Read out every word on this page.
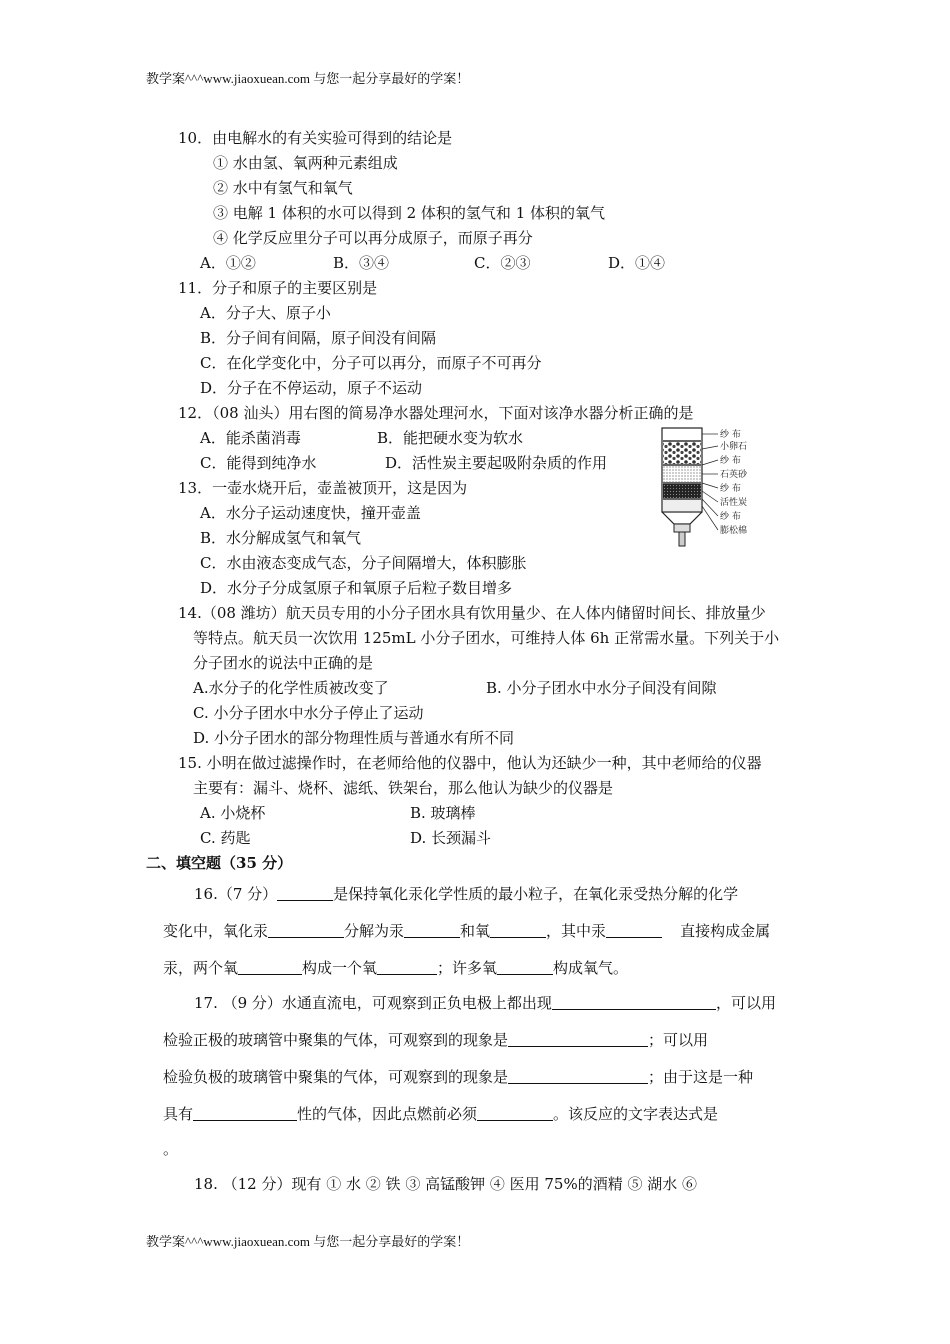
教学案^^^www.jiaoxuean.com 与您一起分享最好的学案！
10．由电解水的有关实验可得到的结论是
① 水由氢、氧两种元素组成
② 水中有氢气和氧气
③ 电解 1 体积的水可以得到 2 体积的氢气和 1 体积的氧气
④ 化学反应里分子可以再分成原子，而原子再分
A．①②	B．③④	C．②③	D．①④
11．分子和原子的主要区别是
A．分子大、原子小
B．分子间有间隔，原子间没有间隔
C．在化学变化中，分子可以再分，而原子不可再分
D．分子在不停运动，原子不运动
12．（08 汕头）用右图的简易净水器处理河水，下面对该净水器分析正确的是
A．能杀菌消毒	B．能把硬水变为软水
C．能得到纯净水	D．活性炭主要起吸附杂质的作用
纱 布
小卵石
纱 布
石英砂
纱 布
活性炭
纱 布
膨松棉
13．一壶水烧开后，壶盖被顶开，这是因为
A．水分子运动速度快，撞开壶盖
B．水分解成氢气和氧气
C．水由液态变成气态，分子间隔增大，体积膨胀
D．水分子分成氢原子和氧原子后粒子数目增多
14.（08 潍坊）航天员专用的小分子团水具有饮用量少、在人体内储留时间长、排放量少
等特点。航天员一次饮用 125mL 小分子团水，可维持人体 6h 正常需水量。下列关于小
分子团水的说法中正确的是
A.水分子的化学性质被改变了	B. 小分子团水中水分子间没有间隙
C. 小分子团水中水分子停止了运动
D. 小分子团水的部分物理性质与普通水有所不同
15. 小明在做过滤操作时，在老师给他的仪器中，他认为还缺少一种，其中老师给的仪器
主要有：漏斗、烧杯、滤纸、铁架台，那么他认为缺少的仪器是
A. 小烧杯	B. 玻璃棒
C. 药匙	D. 长颈漏斗
二、填空题（35 分）
16.（7 分）	是保持氧化汞化学性质的最小粒子，在氧化汞受热分解的化学
变化中，氧化汞	分解为汞	和氧	，其中汞	直接构成金属
汞，两个氧	构成一个氧	；许多氧	构成氧气。
17. （9 分）水通直流电，可观察到正负电极上都出现	，可以用
检验正极的玻璃管中聚集的气体，可观察到的现象是	；可以用
检验负极的玻璃管中聚集的气体，可观察到的现象是	；由于这是一种
具有	性的气体，因此点燃前必须	。该反应的文字表达式是
。
18. （12 分）现有 ① 水 ② 铁 ③ 高锰酸钾 ④ 医用 75%的酒精 ⑤ 湖水 ⑥
教学案^^^www.jiaoxuean.com 与您一起分享最好的学案！
